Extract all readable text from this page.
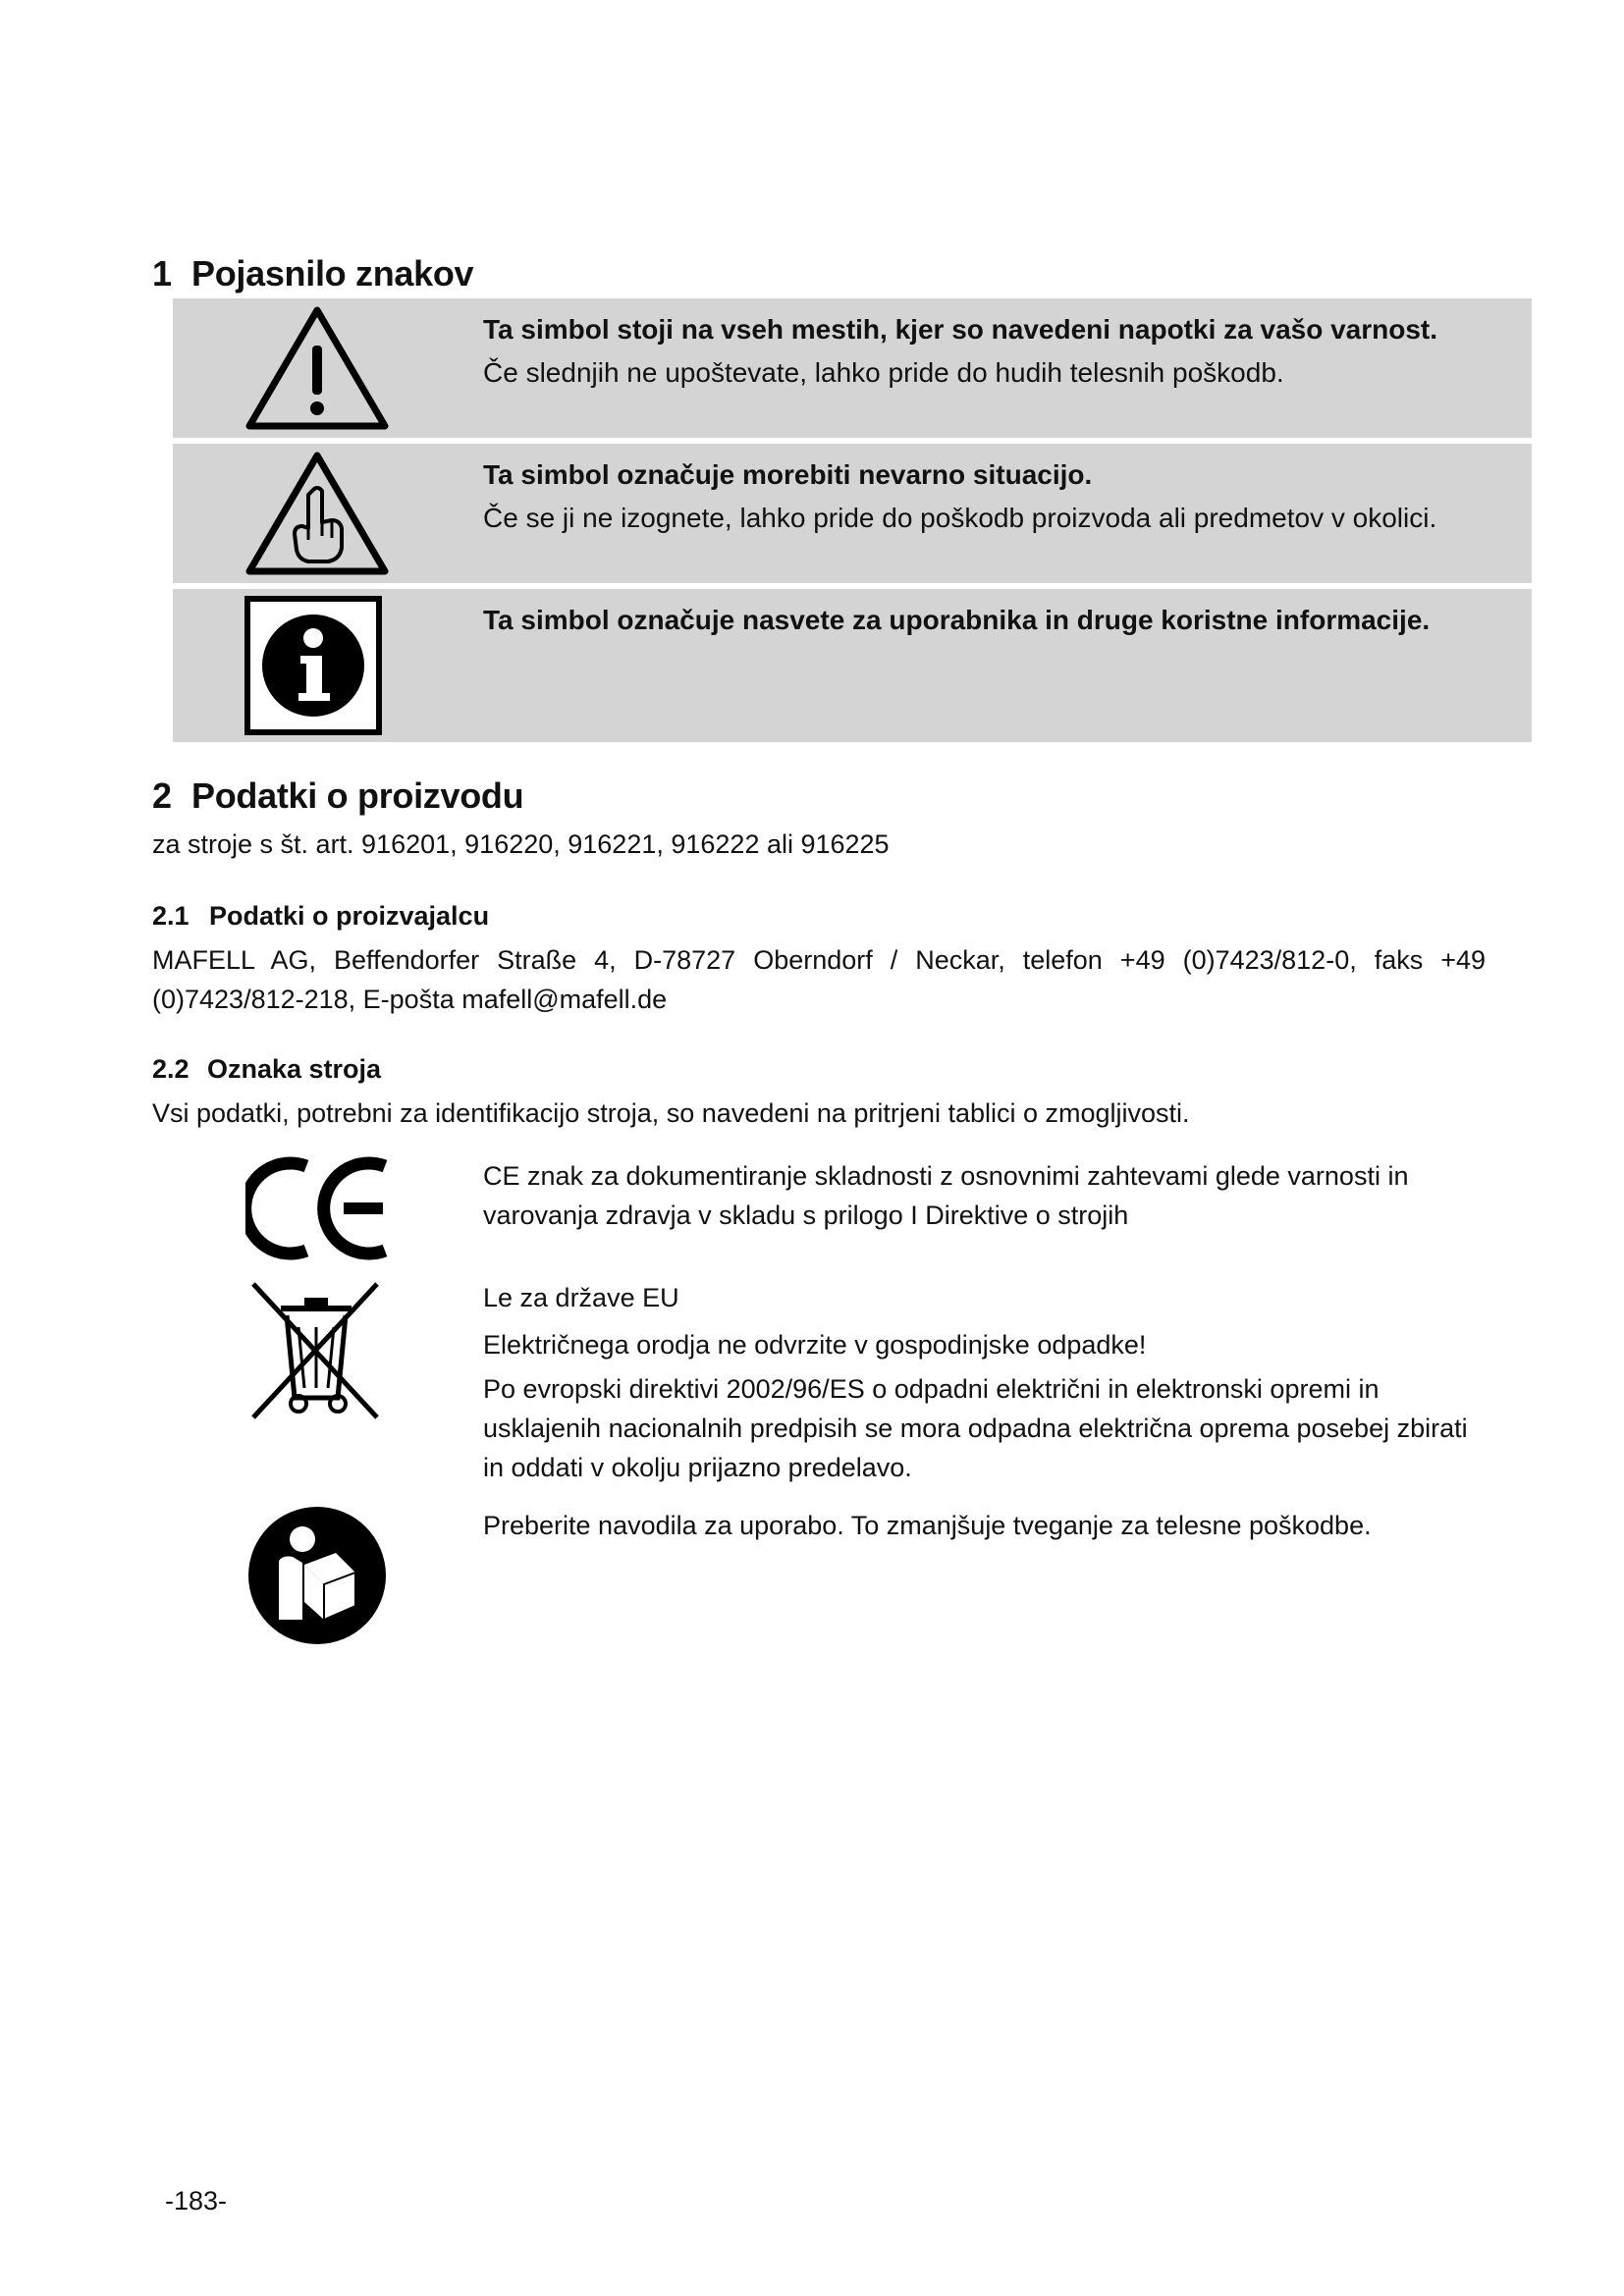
1 Pojasnilo znakov
Ta simbol stoji na vseh mestih, kjer so navedeni napotki za vašo varnost.
Če slednjih ne upoštevate, lahko pride do hudih telesnih poškodb.
Ta simbol označuje morebiti nevarno situacijo.
Če se ji ne izognete, lahko pride do poškodb proizvoda ali predmetov v okolici.
Ta simbol označuje nasvete za uporabnika in druge koristne informacije.
2 Podatki o proizvodu
za stroje s št. art. 916201, 916220, 916221, 916222 ali 916225
2.1 Podatki o proizvajalcu
MAFELL AG, Beffendorfer Straße 4, D-78727 Oberndorf / Neckar, telefon +49 (0)7423/812-0, faks +49
(0)7423/812-218, E-pošta mafell@mafell.de
2.2 Oznaka stroja
Vsi podatki, potrebni za identifikacijo stroja, so navedeni na pritrjeni tablici o zmogljivosti.
CE znak za dokumentiranje skladnosti z osnovnimi zahtevami glede varnosti in
varovanja zdravja v skladu s prilogo I Direktive o strojih
Le za države EU
Električnega orodja ne odvrzite v gospodinjske odpadke!
Po evropski direktivi 2002/96/ES o odpadni električni in elektronski opremi in
usklajenih nacionalnih predpisih se mora odpadna električna oprema posebej zbirati
in oddati v okolju prijazno predelavo.
Preberite navodila za uporabo. To zmanjšuje tveganje za telesne poškodbe.
-183-
